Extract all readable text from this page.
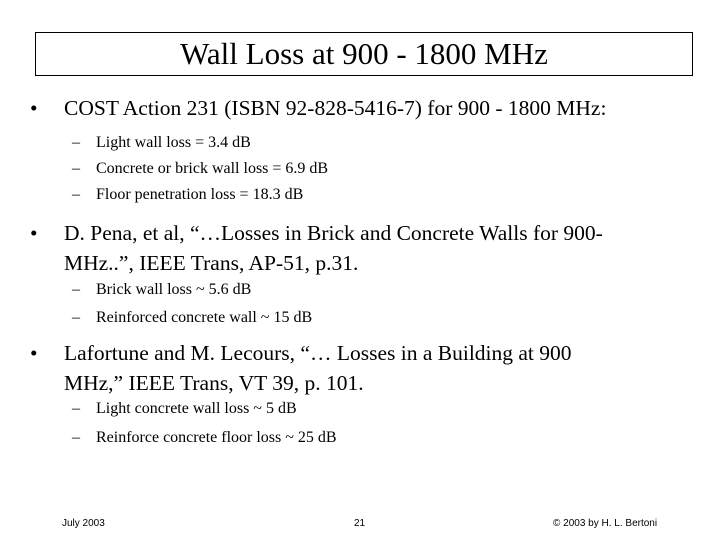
Wall Loss at 900 - 1800 MHz
• COST Action 231 (ISBN 92-828-5416-7) for 900 - 1800 MHz:
– Light wall loss = 3.4 dB
– Concrete or brick wall loss = 6.9 dB
– Floor penetration loss = 18.3 dB
• D. Pena, et al, “…Losses in Brick and Concrete Walls for 900-
MHz..”, IEEE Trans, AP-51, p.31.
– Brick wall loss ~ 5.6 dB
– Reinforced concrete wall ~ 15 dB
• Lafortune and M. Lecours, “… Losses in a Building at 900
MHz,” IEEE Trans, VT 39, p. 101.
– Light concrete wall loss ~ 5 dB
– Reinforce concrete floor loss ~ 25 dB
July 2003	21	© 2003 by H. L. Bertoni
